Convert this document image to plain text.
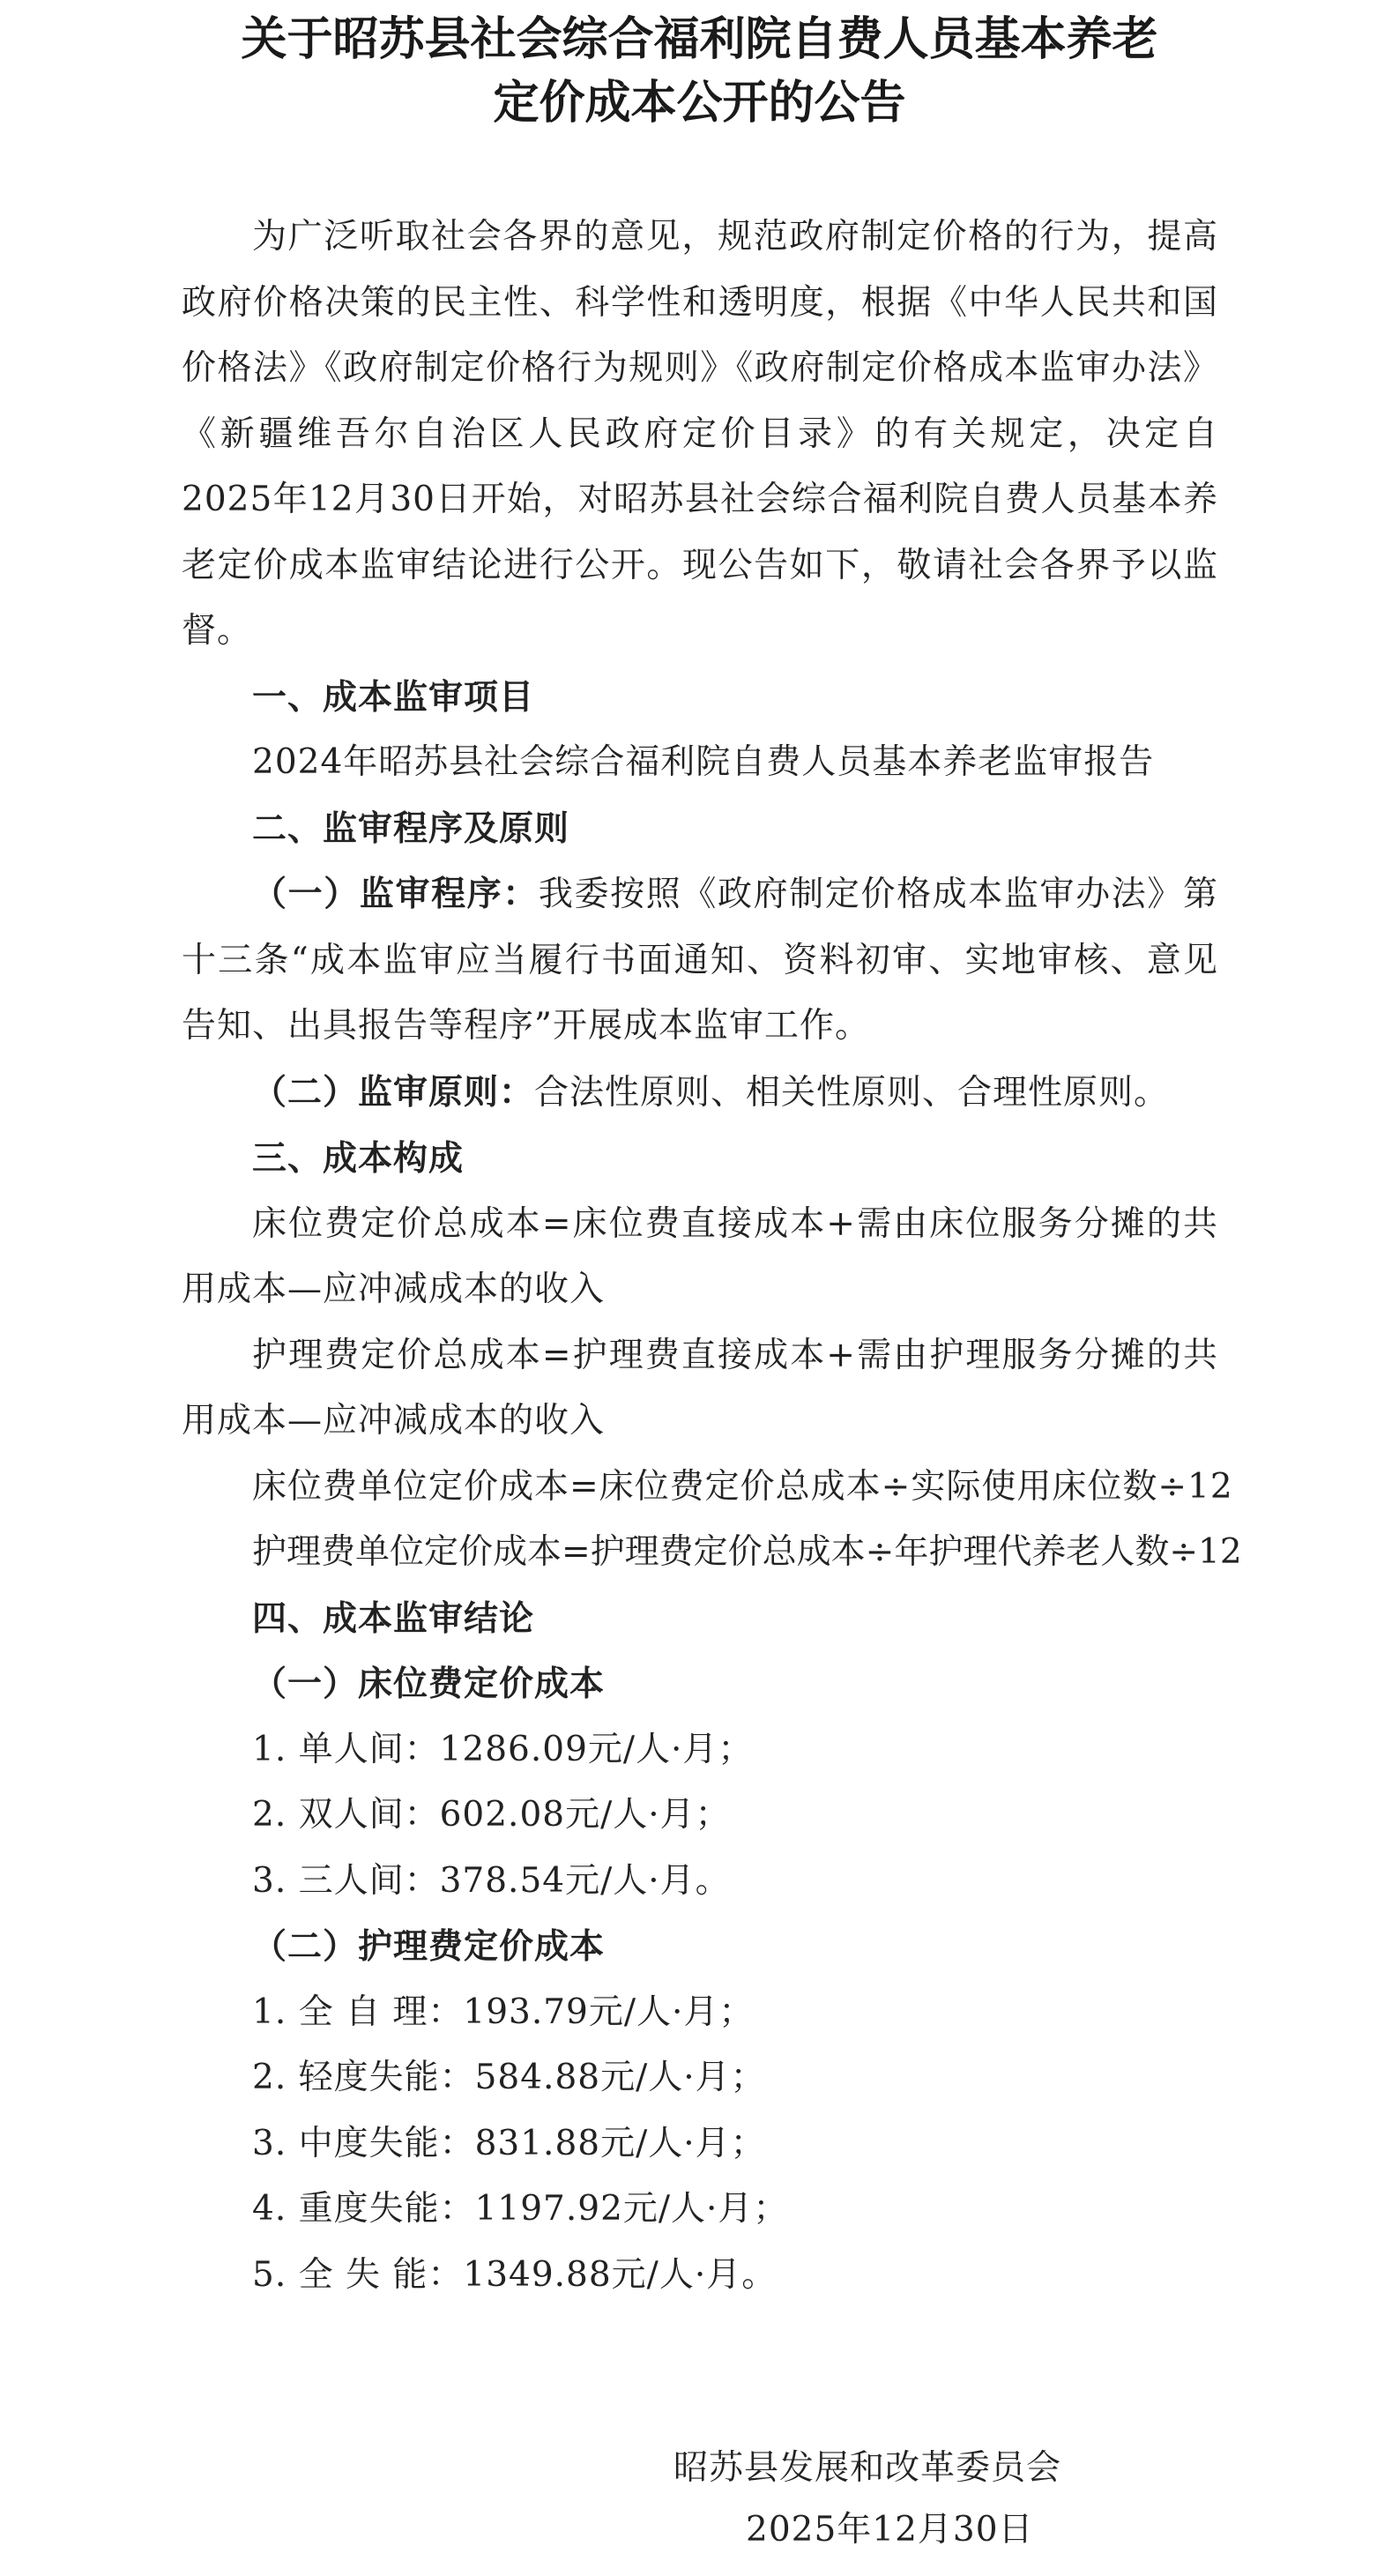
关于昭苏县社会综合福利院自费人员基本养老
定价成本公开的公告

为广泛听取社会各界的意见，规范政府制定价格的行为，提高政府价格决策的民主性、科学性和透明度，根据《中华人民共和国价格法》《政府制定价格行为规则》《政府制定价格成本监审办法》《新疆维吾尔自治区人民政府定价目录》的有关规定，决定自2025年12月30日开始，对昭苏县社会综合福利院自费人员基本养老定价成本监审结论进行公开。现公告如下，敬请社会各界予以监督。

一、成本监审项目

2024年昭苏县社会综合福利院自费人员基本养老监审报告

二、监审程序及原则

（一）监审程序：我委按照《政府制定价格成本监审办法》第十三条“成本监审应当履行书面通知、资料初审、实地审核、意见告知、出具报告等程序”开展成本监审工作。

（二）监审原则：合法性原则、相关性原则、合理性原则。

三、成本构成

床位费定价总成本=床位费直接成本+需由床位服务分摊的共用成本—应冲减成本的收入

护理费定价总成本=护理费直接成本+需由护理服务分摊的共用成本—应冲减成本的收入

床位费单位定价成本=床位费定价总成本÷实际使用床位数÷12

护理费单位定价成本=护理费定价总成本÷年护理代养老人数÷12

四、成本监审结论

（一）床位费定价成本

1. 单人间：1286.09元/人·月；

2. 双人间：602.08元/人·月；

3. 三人间：378.54元/人·月。

（二）护理费定价成本

1. 全 自 理：193.79元/人·月；

2. 轻度失能：584.88元/人·月；

3. 中度失能：831.88元/人·月；

4. 重度失能：1197.92元/人·月；

5. 全 失 能：1349.88元/人·月。

昭苏县发展和改革委员会
2025年12月30日
